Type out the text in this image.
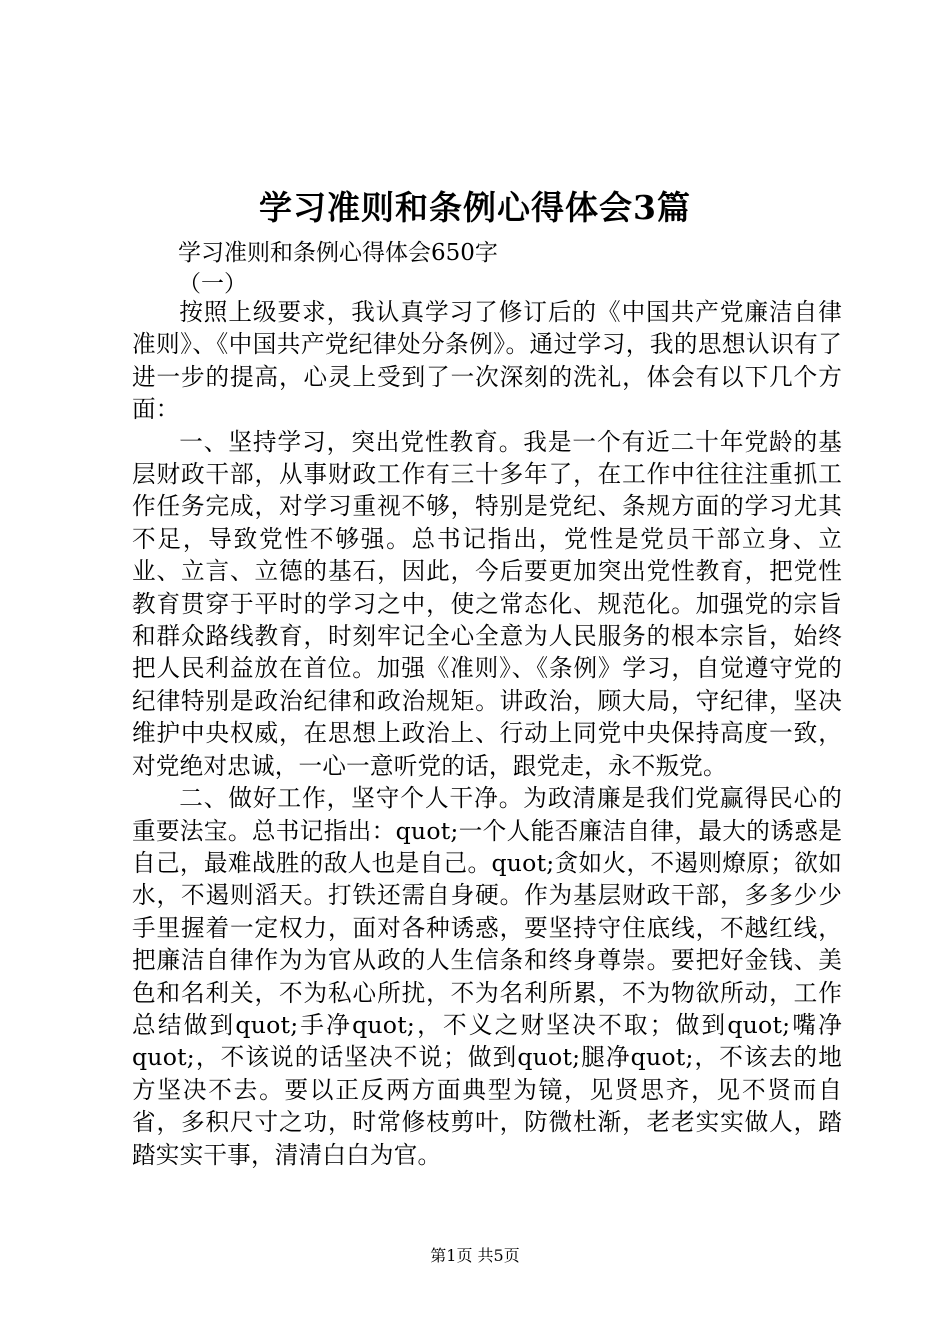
学习准则和条例心得体会3篇

学习准则和条例心得体会650字

（一）

按照上级要求，我认真学习了修订后的《中国共产党廉洁自律准则》、《中国共产党纪律处分条例》。通过学习，我的思想认识有了进一步的提高，心灵上受到了一次深刻的洗礼，体会有以下几个方面：

一、坚持学习，突出党性教育。我是一个有近二十年党龄的基层财政干部，从事财政工作有三十多年了，在工作中往往注重抓工作任务完成，对学习重视不够，特别是党纪、条规方面的学习尤其不足，导致党性不够强。总书记指出，党性是党员干部立身、立业、立言、立德的基石，因此，今后要更加突出党性教育，把党性教育贯穿于平时的学习之中，使之常态化、规范化。加强党的宗旨和群众路线教育，时刻牢记全心全意为人民服务的根本宗旨，始终把人民利益放在首位。加强《准则》、《条例》学习，自觉遵守党的纪律特别是政治纪律和政治规矩。讲政治，顾大局，守纪律，坚决维护中央权威，在思想上政治上、行动上同党中央保持高度一致，对党绝对忠诚，一心一意听党的话，跟党走，永不叛党。

二、做好工作，坚守个人干净。为政清廉是我们党赢得民心的重要法宝。总书记指出：quot;一个人能否廉洁自律，最大的诱惑是自己，最难战胜的敌人也是自己。quot;贪如火，不遏则燎原；欲如水，不遏则滔天。打铁还需自身硬。作为基层财政干部，多多少少手里握着一定权力，面对各种诱惑，要坚持守住底线，不越红线，把廉洁自律作为为官从政的人生信条和终身尊崇。要把好金钱、美色和名利关，不为私心所扰，不为名利所累，不为物欲所动，工作总结做到quot;手净quot;，不义之财坚决不取；做到quot;嘴净quot;，不该说的话坚决不说；做到quot;腿净quot;，不该去的地方坚决不去。要以正反两方面典型为镜，见贤思齐，见不贤而自省，多积尺寸之功，时常修枝剪叶，防微杜渐，老老实实做人，踏踏实实干事，清清白白为官。

第1页 共5页
